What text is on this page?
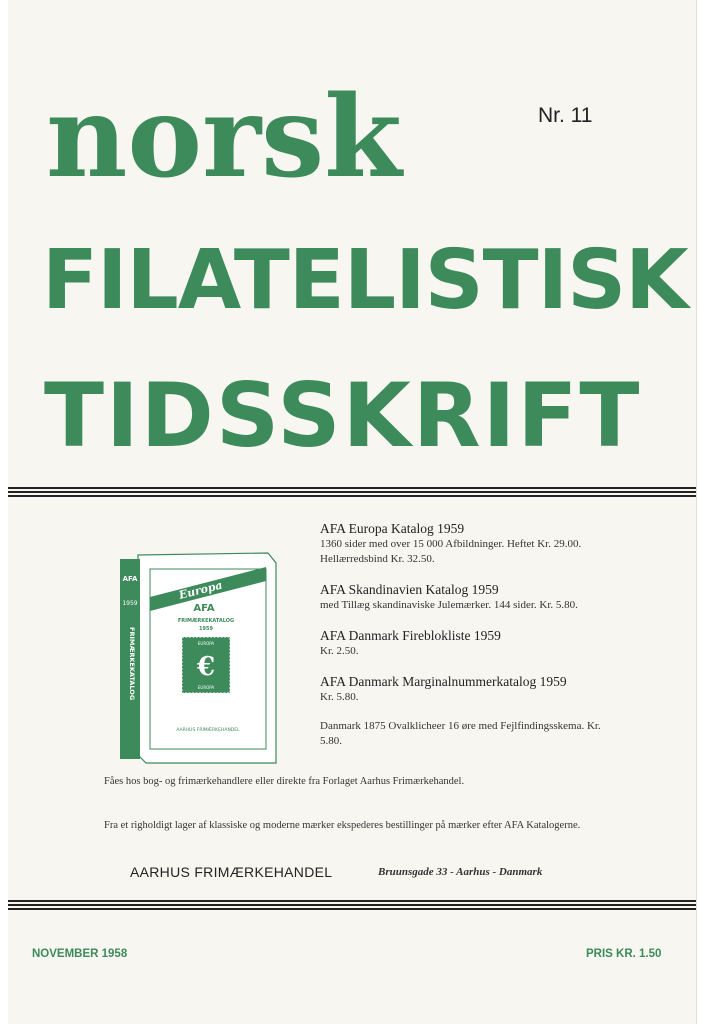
Nr. 11
norsk
FILATELISTISK
TIDSSKRIFT
AFA
1959
FRIMÆRKEKATALOG
Europa
AFA
FRIMÆRKEKATALOG
1959
EUROPA
€
EUROPA
AARHUS FRIMÆRKEHANDEL
AFA Europa Katalog 1959
1360 sider med over 15 000 Afbildninger. Heftet Kr. 29.00. Hellærredsbind Kr. 32.50.
AFA Skandinavien Katalog 1959
med Tillæg skandinaviske Julemærker. 144 sider. Kr. 5.80.
AFA Danmark Fireblokliste 1959
Kr. 2.50.
AFA Danmark Marginalnummerkatalog 1959
Kr. 5.80.
Danmark 1875 Ovalklicheer 16 øre med Fejlfindingsskema. Kr. 5.80.
Fåes hos bog- og frimærkehandlere eller direkte fra Forlaget Aarhus Frimærkehandel.
Fra et righoldigt lager af klassiske og moderne mærker ekspederes bestillinger på mærker efter AFA Katalogerne.
AARHUS FRIMÆRKEHANDEL	Bruunsgade 33 - Aarhus - Danmark
NOVEMBER 1958	PRIS KR. 1.50
